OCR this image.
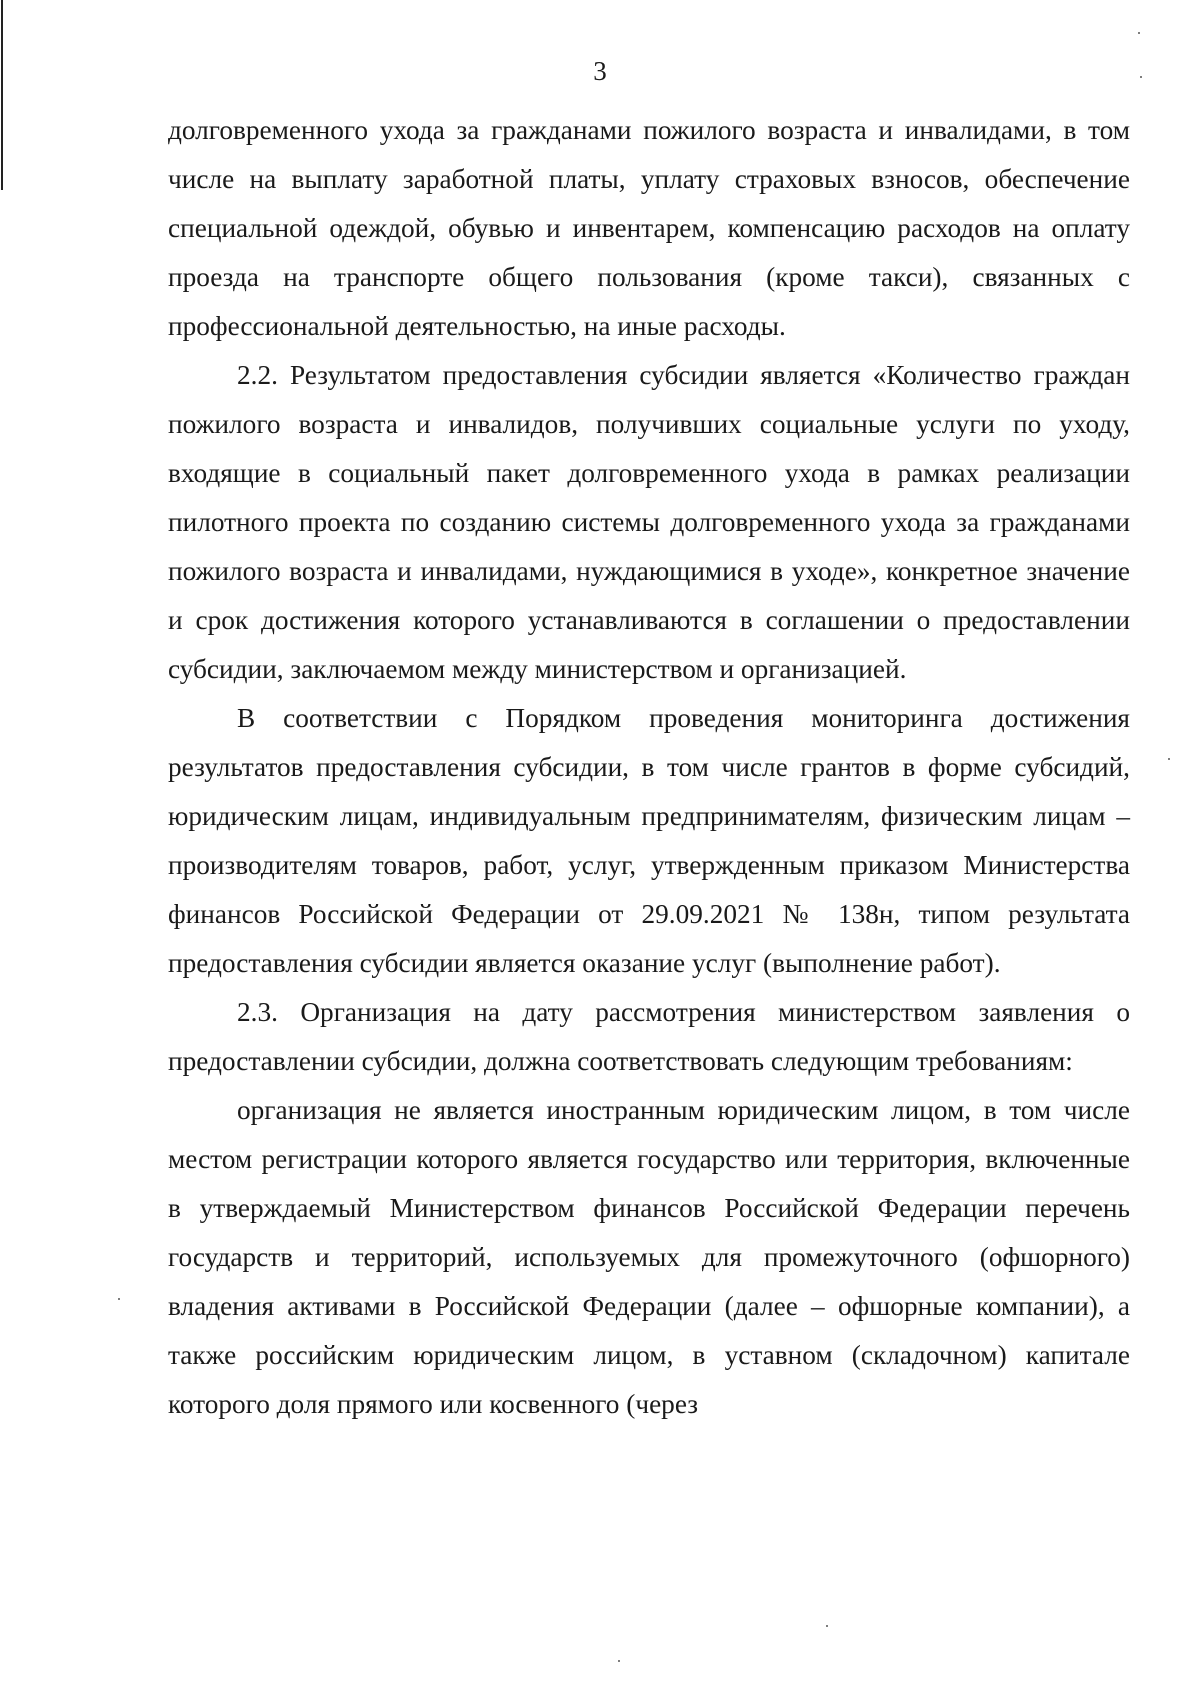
3

долговременного ухода за гражданами пожилого возраста и инвалидами, в том числе на выплату заработной платы, уплату страховых взносов, обеспечение специальной одеждой, обувью и инвентарем, компенсацию расходов на оплату проезда на транспорте общего пользования (кроме такси), связанных с профессиональной деятельностью, на иные расходы.

2.2. Результатом предоставления субсидии является «Количество граждан пожилого возраста и инвалидов, получивших социальные услуги по уходу, входящие в социальный пакет долговременного ухода в рамках реализации пилотного проекта по созданию системы долговременного ухода за гражданами пожилого возраста и инвалидами, нуждающимися в уходе», конкретное значение и срок достижения которого устанавливаются в соглашении о предоставлении субсидии, заключаемом между министерством и организацией.

В соответствии с Порядком проведения мониторинга достижения результатов предоставления субсидии, в том числе грантов в форме субсидий, юридическим лицам, индивидуальным предпринимателям, физическим лицам – производителям товаров, работ, услуг, утвержденным приказом Министерства финансов Российской Федерации от 29.09.2021 № 138н, типом результата предоставления субсидии является оказание услуг (выполнение работ).

2.3. Организация на дату рассмотрения министерством заявления о предоставлении субсидии, должна соответствовать следующим требованиям:

организация не является иностранным юридическим лицом, в том числе местом регистрации которого является государство или территория, включенные в утверждаемый Министерством финансов Российской Федерации перечень государств и территорий, используемых для промежуточного (офшорного) владения активами в Российской Федерации (далее – офшорные компании), а также российским юридическим лицом, в уставном (складочном) капитале которого доля прямого или косвенного (через
